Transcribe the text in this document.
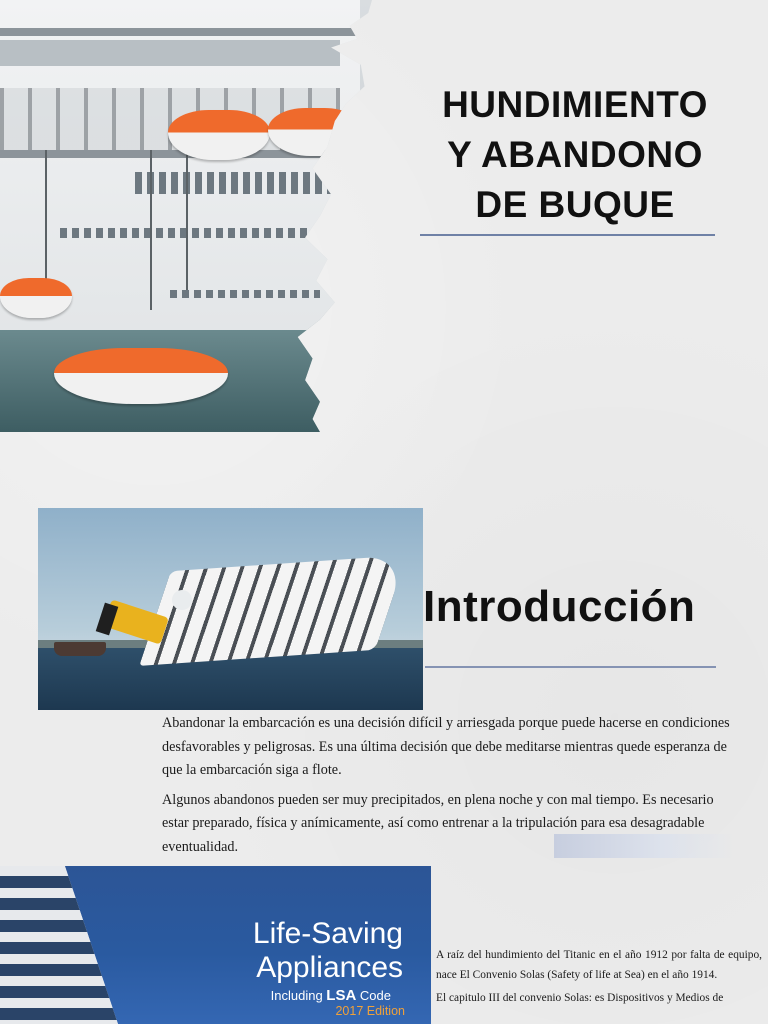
HUNDIMIENTO
Y ABANDONO
DE BUQUE
Introducción

Abandonar la embarcación es una decisión difícil y arriesgada porque puede hacerse en condiciones desfavorables y peligrosas. Es una última decisión que debe meditarse mientras quede esperanza de que la embarcación siga a flote.

Algunos abandonos pueden ser muy precipitados, en plena noche y con mal tiempo. Es necesario estar preparado, física y anímicamente, así como entrenar a la tripulación para esa desagradable eventualidad.

Life-Saving
Appliances
Including LSA Code
2017 Edition

A raíz del hundimiento del Titanic en el año 1912 por falta de equipo, nace El Convenio Solas (Safety of life at Sea) en el año 1914.

El capitulo III del convenio Solas: es Dispositivos y Medios de
